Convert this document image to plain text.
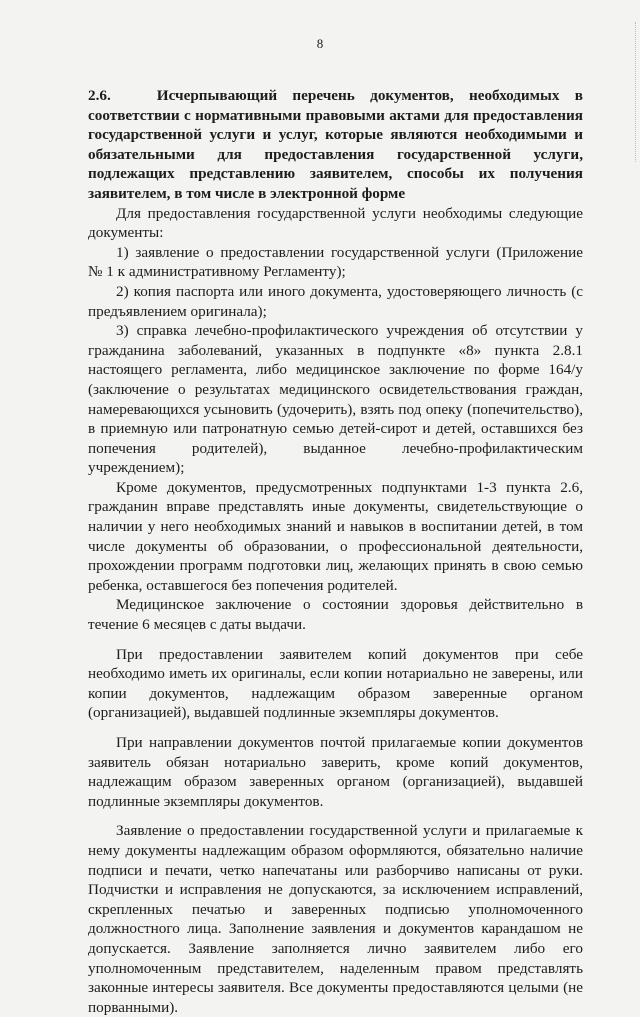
8

2.6.	Исчерпывающий перечень документов, необходимых в соответствии с нормативными правовыми актами для предоставления государственной услуги и услуг, которые являются необходимыми и обязательными для предоставления государственной услуги, подлежащих представлению заявителем, способы их получения заявителем, в том числе в электронной форме

Для предоставления государственной услуги необходимы следующие документы:

1) заявление о предоставлении государственной услуги (Приложение № 1 к административному Регламенту);

2) копия паспорта или иного документа, удостоверяющего личность (с предъявлением оригинала);

3) справка лечебно-профилактического учреждения об отсутствии у гражданина заболеваний, указанных в подпункте «8» пункта 2.8.1 настоящего регламента, либо медицинское заключение по форме 164/у (заключение о результатах медицинского освидетельствования граждан, намеревающихся усыновить (удочерить), взять под опеку (попечительство), в приемную или патронатную семью детей-сирот и детей, оставшихся без попечения родителей), выданное лечебно-профилактическим учреждением);

Кроме документов, предусмотренных подпунктами 1-3 пункта 2.6, гражданин вправе представлять иные документы, свидетельствующие о наличии у него необходимых знаний и навыков в воспитании детей, в том числе документы об образовании, о профессиональной деятельности, прохождении программ подготовки лиц, желающих принять в свою семью ребенка, оставшегося без попечения родителей.

Медицинское заключение о состоянии здоровья действительно в течение 6 месяцев с даты выдачи.

При предоставлении заявителем копий документов при себе необходимо иметь их оригиналы, если копии нотариально не заверены, или копии документов, надлежащим образом заверенные органом (организацией), выдавшей подлинные экземпляры документов.

При направлении документов почтой прилагаемые копии документов заявитель обязан нотариально заверить, кроме копий документов, надлежащим образом заверенных органом (организацией), выдавшей подлинные экземпляры документов.

Заявление о предоставлении государственной услуги и прилагаемые к нему документы надлежащим образом оформляются, обязательно наличие подписи и печати, четко напечатаны или разборчиво написаны от руки. Подчистки и исправления не допускаются, за исключением исправлений, скрепленных печатью и заверенных подписью уполномоченного должностного лица. Заполнение заявления и документов карандашом не допускается. Заявление заполняется лично заявителем либо его уполномоченным представителем, наделенным правом представлять законные интересы заявителя. Все документы предоставляются целыми (не порванными).
